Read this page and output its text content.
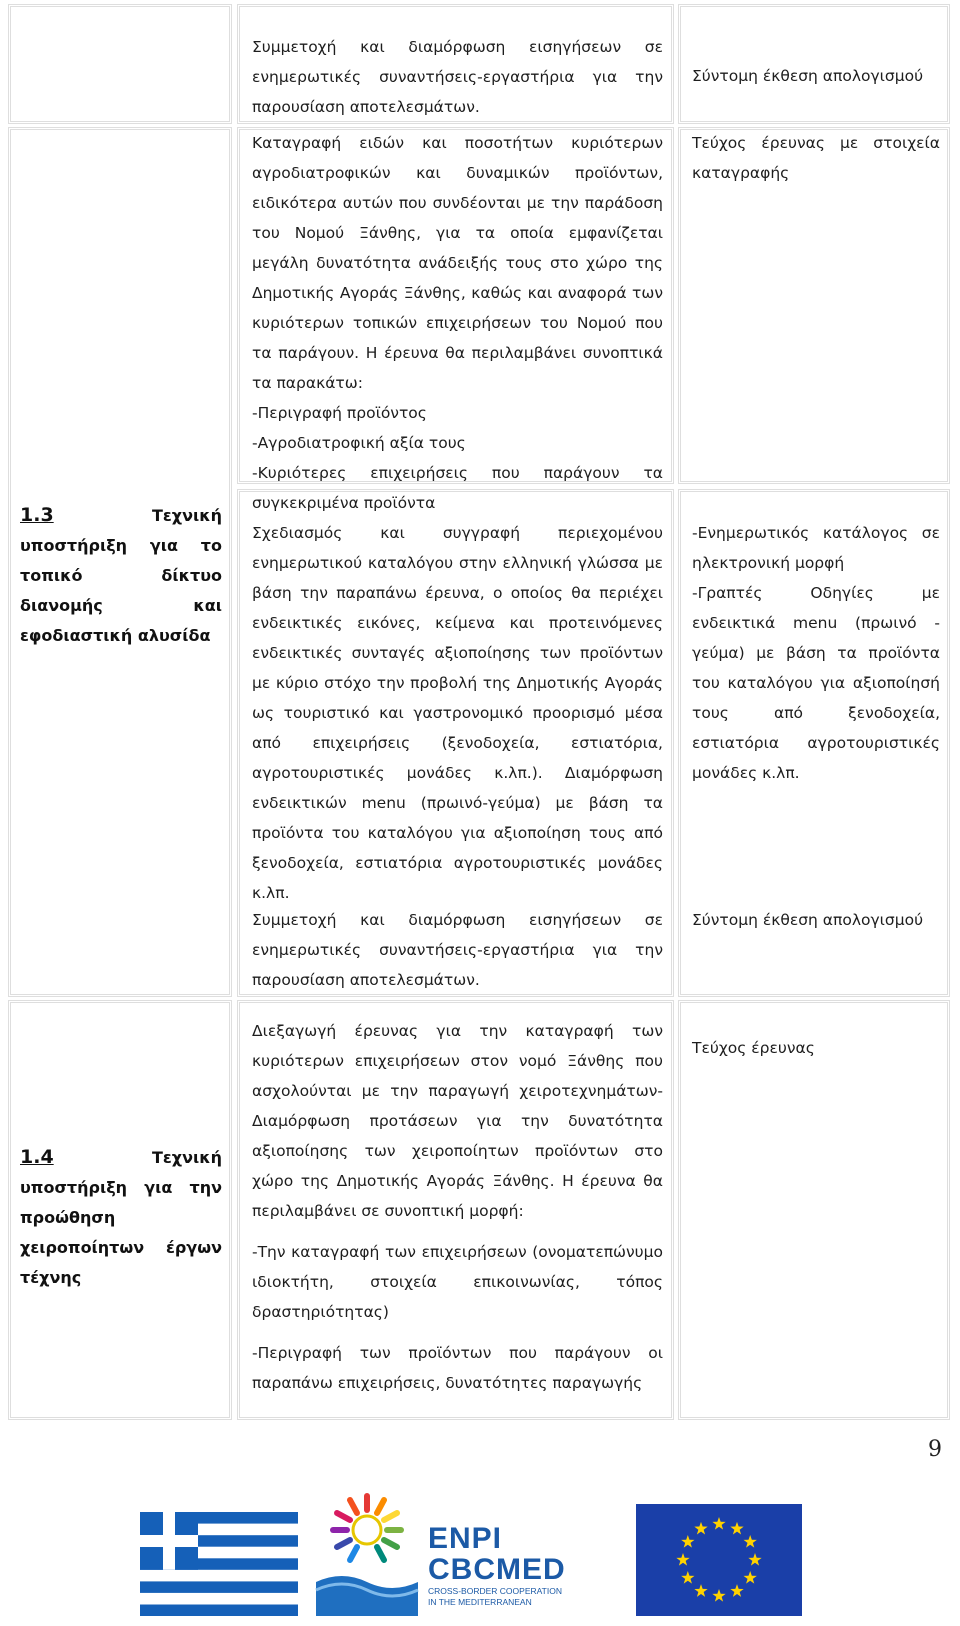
Συμμετοχή και διαμόρφωση εισηγήσεων σε ενημερωτικές συναντήσεις-εργαστήρια για την παρουσίαση αποτελεσμάτων.

Σύντομη έκθεση απολογισμού

Καταγραφή ειδών και ποσοτήτων κυριότερων αγροδιατροφικών και δυναμικών προϊόντων, ειδικότερα αυτών που συνδέονται με την παράδοση του Νομού Ξάνθης, για τα οποία εμφανίζεται μεγάλη δυνατότητα ανάδειξής τους στο χώρο της Δημοτικής Αγοράς Ξάνθης, καθώς και αναφορά των κυριότερων τοπικών επιχειρήσεων του Νομού που τα παράγουν. Η έρευνα θα περιλαμβάνει συνοπτικά τα παρακάτω:

-Περιγραφή προϊόντος

-Αγροδιατροφική αξία τους

-Κυριότερες επιχειρήσεις που παράγουν τα συγκεκριμένα προϊόντα

Τεύχος έρευνας με στοιχεία καταγραφής

1.3	Τεχνική υποστήριξη για το τοπικό δίκτυο διανομής και εφοδιαστική αλυσίδα

Σχεδιασμός και συγγραφή περιεχομένου ενημερωτικού καταλόγου στην ελληνική γλώσσα με βάση την παραπάνω έρευνα, ο οποίος θα περιέχει ενδεικτικές εικόνες, κείμενα και προτεινόμενες ενδεικτικές συνταγές αξιοποίησης των προϊόντων με κύριο στόχο την προβολή της Δημοτικής Αγοράς ως τουριστικό και γαστρονομικό προορισμό μέσα από επιχειρήσεις (ξενοδοχεία, εστιατόρια, αγροτουριστικές μονάδες κ.λπ.). Διαμόρφωση ενδεικτικών menu (πρωινό-γεύμα) με βάση τα προϊόντα του καταλόγου για αξιοποίηση τους από ξενοδοχεία, εστιατόρια αγροτουριστικές μονάδες κ.λπ.

-Ενημερωτικός κατάλογος σε ηλεκτρονική μορφή

-Γραπτές Οδηγίες με ενδεικτικά menu (πρωινό - γεύμα) με βάση τα προϊόντα του καταλόγου για αξιοποίησή τους από ξενοδοχεία, εστιατόρια αγροτουριστικές μονάδες κ.λπ.

Συμμετοχή και διαμόρφωση εισηγήσεων σε ενημερωτικές συναντήσεις-εργαστήρια για την παρουσίαση αποτελεσμάτων.

Σύντομη έκθεση απολογισμού

1.4	Τεχνική υποστήριξη για την προώθηση χειροποίητων έργων τέχνης

Διεξαγωγή έρευνας για την καταγραφή των κυριότερων επιχειρήσεων στον νομό Ξάνθης που ασχολούνται με την παραγωγή χειροτεχνημάτων-Διαμόρφωση προτάσεων για την δυνατότητα αξιοποίησης των χειροποίητων προϊόντων στο χώρο της Δημοτικής Αγοράς Ξάνθης. Η έρευνα θα περιλαμβάνει σε συνοπτική μορφή:

-Την καταγραφή των επιχειρήσεων (ονοματεπώνυμο ιδιοκτήτη, στοιχεία επικοινωνίας, τόπος δραστηριότητας)

-Περιγραφή των προϊόντων που παράγουν οι παραπάνω επιχειρήσεις, δυνατότητες παραγωγής

Τεύχος έρευνας

9
ENPI
CBCMED
CROSS-BORDER COOPERATION
IN THE MEDITERRANEAN
